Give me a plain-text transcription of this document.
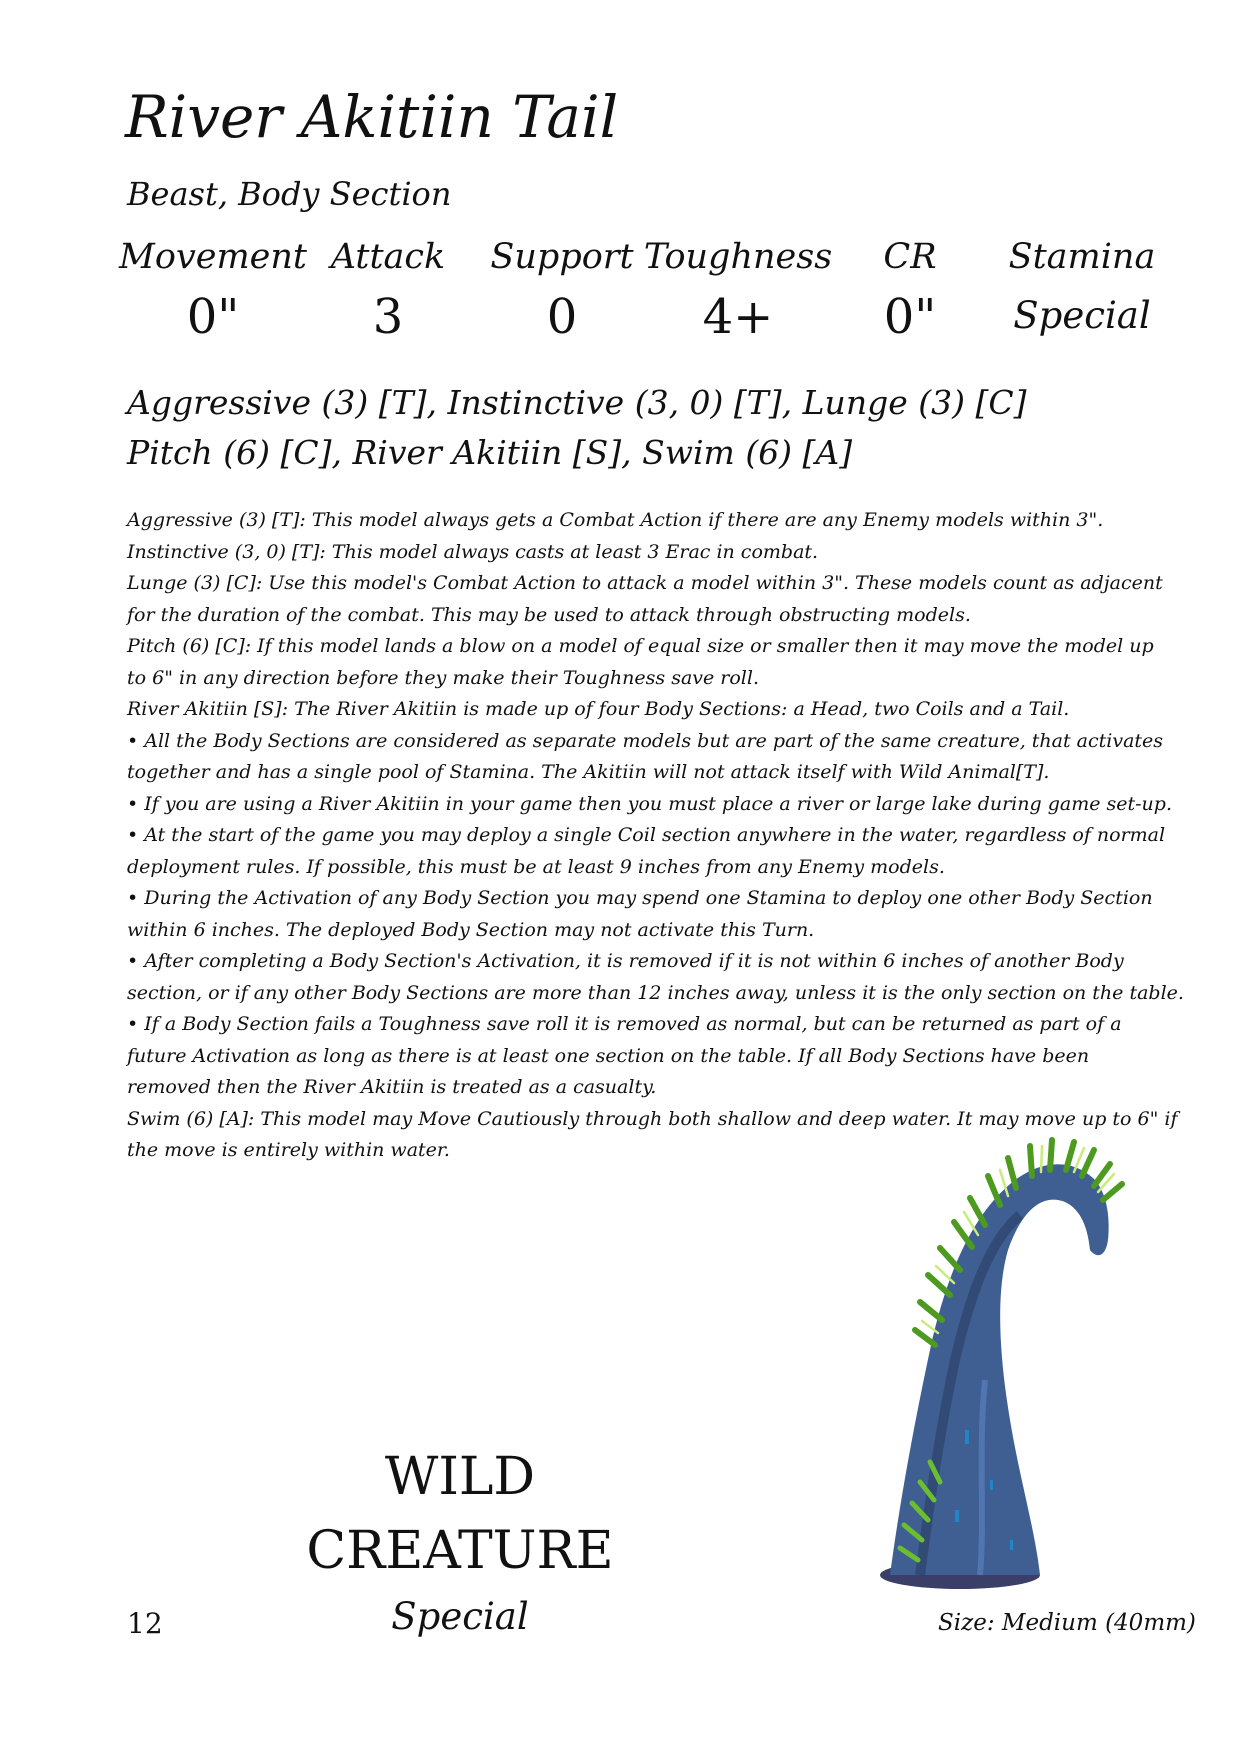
River Akitiin Tail
Beast, Body Section
Movement
0"
Attack
3
Support
0
Toughness
4+
CR
0"
Stamina
Special
Aggressive (3) [T], Instinctive (3, 0) [T], Lunge (3) [C]
Pitch (6) [C], River Akitiin [S], Swim (6) [A]
Aggressive (3) [T]: This model always gets a Combat Action if there are any Enemy models within 3".
Instinctive (3, 0) [T]: This model always casts at least 3 Erac in combat.
Lunge (3) [C]: Use this model's Combat Action to attack a model within 3". These models count as adjacent
for the duration of the combat. This may be used to attack through obstructing models.
Pitch (6) [C]: If this model lands a blow on a model of equal size or smaller then it may move the model up
to 6" in any direction before they make their Toughness save roll.
River Akitiin [S]: The River Akitiin is made up of four Body Sections: a Head, two Coils and a Tail.
• All the Body Sections are considered as separate models but are part of the same creature, that activates
together and has a single pool of Stamina. The Akitiin will not attack itself with Wild Animal[T].
• If you are using a River Akitiin in your game then you must place a river or large lake during game set-up.
• At the start of the game you may deploy a single Coil section anywhere in the water, regardless of normal
deployment rules. If possible, this must be at least 9 inches from any Enemy models.
• During the Activation of any Body Section you may spend one Stamina to deploy one other Body Section
within 6 inches. The deployed Body Section may not activate this Turn.
• After completing a Body Section's Activation, it is removed if it is not within 6 inches of another Body
section, or if any other Body Sections are more than 12 inches away, unless it is the only section on the table.
• If a Body Section fails a Toughness save roll it is removed as normal, but can be returned as part of a
future Activation as long as there is at least one section on the table. If all Body Sections have been
removed then the River Akitiin is treated as a casualty.
Swim (6) [A]: This model may Move Cautiously through both shallow and deep water. It may move up to 6" if
the move is entirely within water.
WILD
CREATURE
12	Special	Size: Medium (40mm)
